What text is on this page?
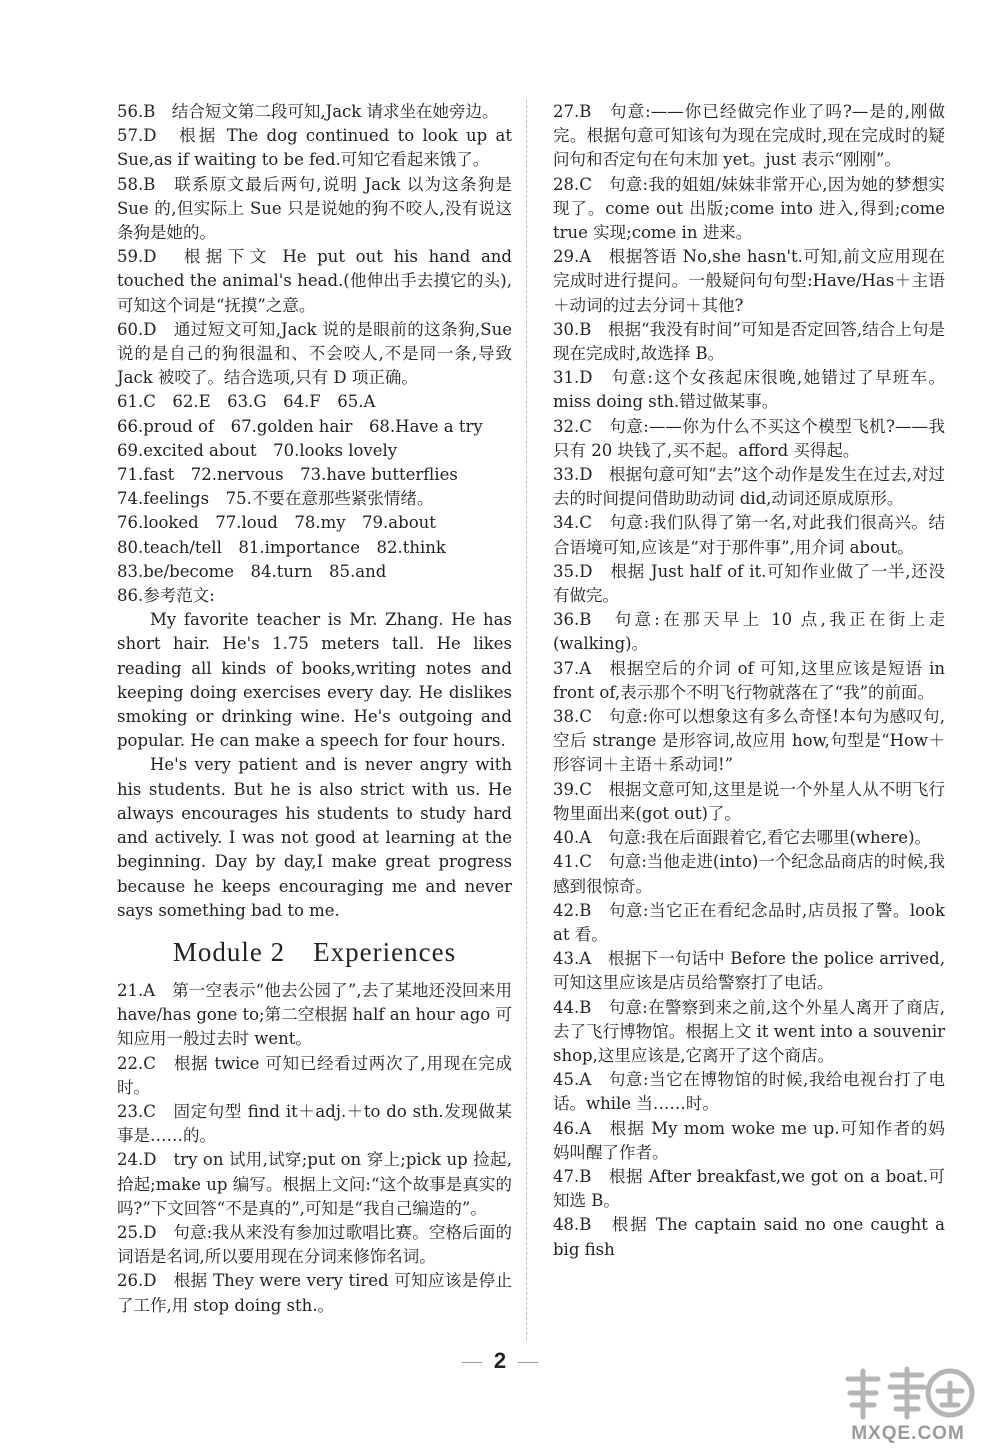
56.B　结合短文第二段可知,Jack 请求坐在她旁边。

57.D　根据 The dog continued to look up at Sue,as if waiting to be fed.可知它看起来饿了。

58.B　联系原文最后两句,说明 Jack 以为这条狗是 Sue 的,但实际上 Sue 只是说她的狗不咬人,没有说这条狗是她的。

59.D　根据下文 He put out his hand and touched the animal's head.(他伸出手去摸它的头),可知这个词是“抚摸”之意。

60.D　通过短文可知,Jack 说的是眼前的这条狗,Sue 说的是自己的狗很温和、不会咬人,不是同一条,导致 Jack 被咬了。结合选项,只有 D 项正确。

61.C　62.E　63.G　64.F　65.A

66.proud of　67.golden hair　68.Have a try

69.excited about　70.looks lovely

71.fast　72.nervous　73.have butterflies

74.feelings　75.不要在意那些紧张情绪。

76.looked　77.loud　78.my　79.about

80.teach/tell　81.importance　82.think

83.be/become　84.turn　85.and

86.参考范文:

My favorite teacher is Mr. Zhang. He has short hair. He's 1.75 meters tall. He likes reading all kinds of books,writing notes and keeping doing exercises every day. He dislikes smoking or drinking wine. He's outgoing and popular. He can make a speech for four hours.

He's very patient and is never angry with his students. But he is also strict with us. He always encourages his students to study hard and actively. I was not good at learning at the beginning. Day by day,I make great progress because he keeps encouraging me and never says something bad to me.

Module 2　Experiences

21.A　第一空表示“他去公园了”,去了某地还没回来用 have/has gone to;第二空根据 half an hour ago 可知应用一般过去时 went。

22.C　根据 twice 可知已经看过两次了,用现在完成时。

23.C　固定句型 find it＋adj.＋to do sth.发现做某事是……的。

24.D　try on 试用,试穿;put on 穿上;pick up 捡起,拾起;make up 编写。根据上文问:“这个故事是真实的吗?”下文回答“不是真的”,可知是“我自己编造的”。

25.D　句意:我从来没有参加过歌唱比赛。空格后面的词语是名词,所以要用现在分词来修饰名词。

26.D　根据 They were very tired 可知应该是停止了工作,用 stop doing sth.。

27.B　句意:——你已经做完作业了吗?—是的,刚做完。根据句意可知该句为现在完成时,现在完成时的疑问句和否定句在句末加 yet。just 表示“刚刚”。

28.C　句意:我的姐姐/妹妹非常开心,因为她的梦想实现了。come out 出版;come into 进入,得到;come true 实现;come in 进来。

29.A　根据答语 No,she hasn't.可知,前文应用现在完成时进行提问。一般疑问句句型:Have/Has＋主语＋动词的过去分词＋其他?

30.B　根据“我没有时间”可知是否定回答,结合上句是现在完成时,故选择 B。

31.D　句意:这个女孩起床很晚,她错过了早班车。miss doing sth.错过做某事。

32.C　句意:——你为什么不买这个模型飞机?——我只有 20 块钱了,买不起。afford 买得起。

33.D　根据句意可知“去”这个动作是发生在过去,对过去的时间提问借助助动词 did,动词还原成原形。

34.C　句意:我们队得了第一名,对此我们很高兴。结合语境可知,应该是“对于那件事”,用介词 about。

35.D　根据 Just half of it.可知作业做了一半,还没有做完。

36.B　句意:在那天早上 10 点,我正在街上走(walking)。

37.A　根据空后的介词 of 可知,这里应该是短语 in front of,表示那个不明飞行物就落在了“我”的前面。

38.C　句意:你可以想象这有多么奇怪!本句为感叹句,空后 strange 是形容词,故应用 how,句型是“How＋形容词＋主语＋系动词!”

39.C　根据文意可知,这里是说一个外星人从不明飞行物里面出来(got out)了。

40.A　句意:我在后面跟着它,看它去哪里(where)。

41.C　句意:当他走进(into)一个纪念品商店的时候,我感到很惊奇。

42.B　句意:当它正在看纪念品时,店员报了警。look at 看。

43.A　根据下一句话中 Before the police arrived,可知这里应该是店员给警察打了电话。

44.B　句意:在警察到来之前,这个外星人离开了商店,去了飞行博物馆。根据上文 it went into a souvenir shop,这里应该是,它离开了这个商店。

45.A　句意:当它在博物馆的时候,我给电视台打了电话。while 当……时。

46.A　根据 My mom woke me up.可知作者的妈妈叫醒了作者。

47.B　根据 After breakfast,we got on a boat.可知选 B。

48.B　根据 The captain said no one caught a big fish

2
MXQE.COM
